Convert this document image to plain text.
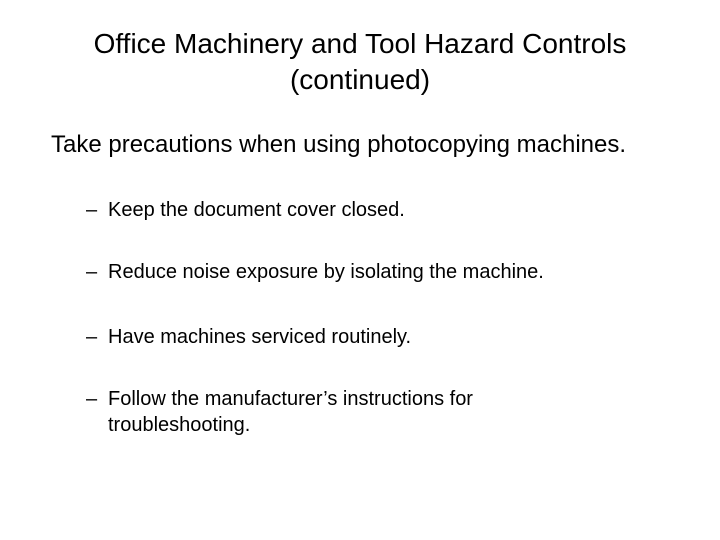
Office Machinery and Tool Hazard Controls
(continued)
Take precautions when using photocopying machines.
– Keep the document cover closed.
– Reduce noise exposure by isolating the machine.
– Have machines serviced routinely.
– Follow the manufacturer’s instructions for troubleshooting.
